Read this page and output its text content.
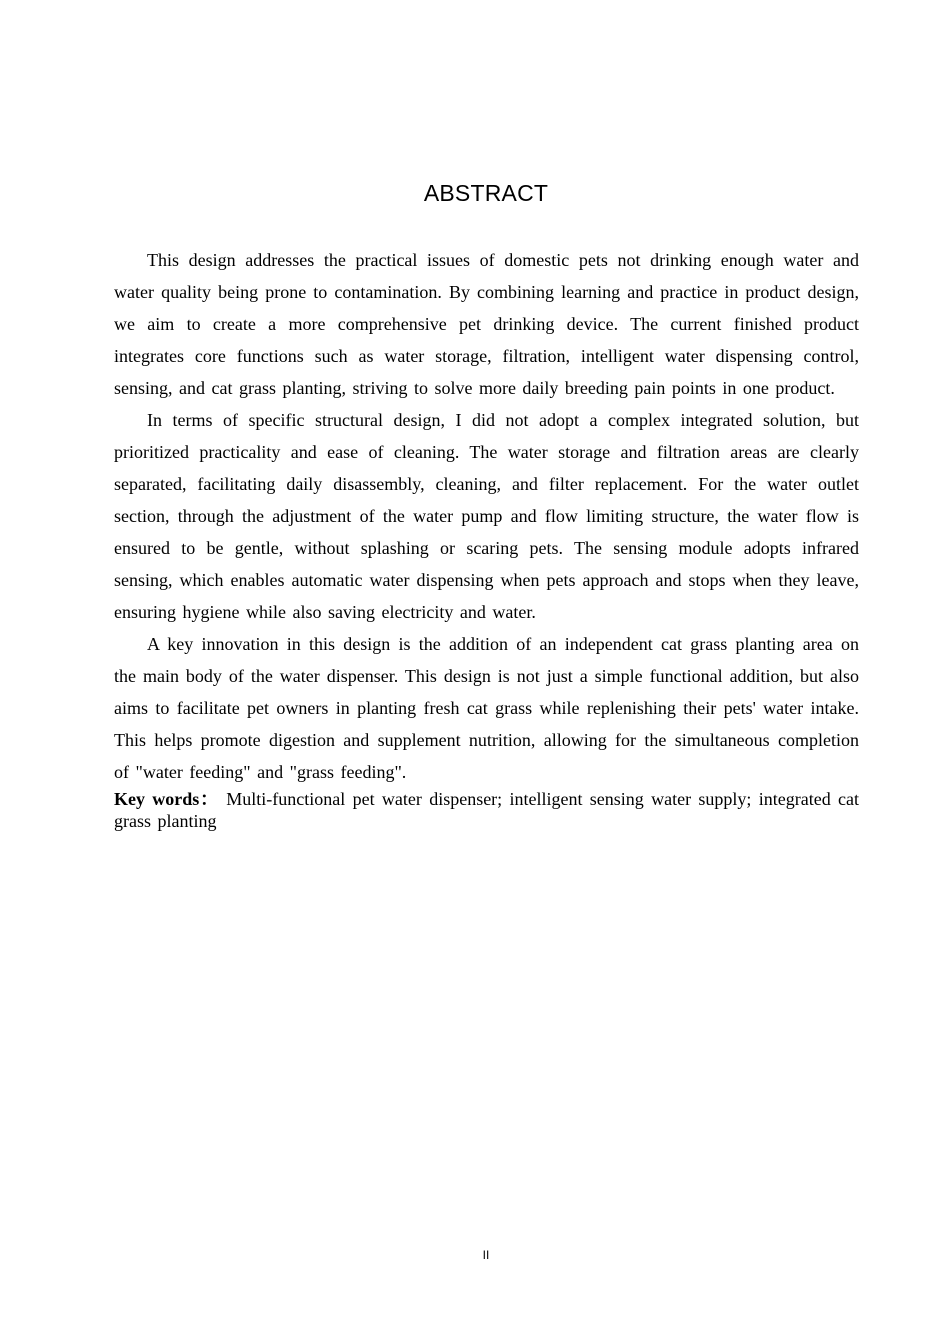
ABSTRACT

This design addresses the practical issues of domestic pets not drinking enough water and water quality being prone to contamination. By combining learning and practice in product design, we aim to create a more comprehensive pet drinking device. The current finished product integrates core functions such as water storage, filtration, intelligent water dispensing control, sensing, and cat grass planting, striving to solve more daily breeding pain points in one product.

In terms of specific structural design, I did not adopt a complex integrated solution, but prioritized practicality and ease of cleaning. The water storage and filtration areas are clearly separated, facilitating daily disassembly, cleaning, and filter replacement. For the water outlet section, through the adjustment of the water pump and flow limiting structure, the water flow is ensured to be gentle, without splashing or scaring pets. The sensing module adopts infrared sensing, which enables automatic water dispensing when pets approach and stops when they leave, ensuring hygiene while also saving electricity and water.

A key innovation in this design is the addition of an independent cat grass planting area on the main body of the water dispenser. This design is not just a simple functional addition, but also aims to facilitate pet owners in planting fresh cat grass while replenishing their pets' water intake. This helps promote digestion and supplement nutrition, allowing for the simultaneous completion of "water feeding" and "grass feeding".

Key words： Multi-functional pet water dispenser; intelligent sensing water supply; integrated cat grass planting

II
